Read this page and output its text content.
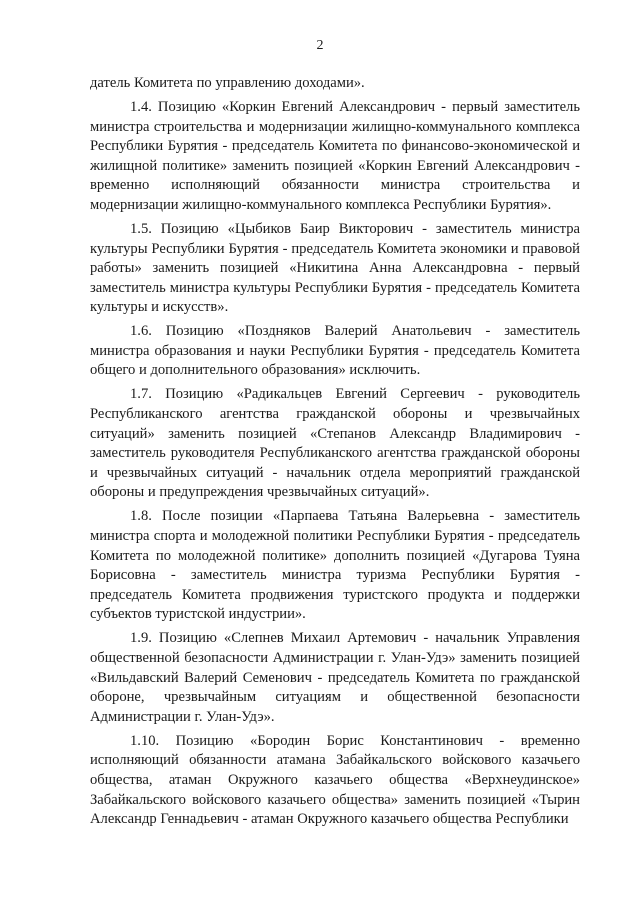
2

датель Комитета по управлению доходами».

1.4. Позицию «Коркин Евгений Александрович - первый заместитель министра строительства и модернизации жилищно-коммунального комплекса Республики Бурятия - председатель Комитета по финансово-экономической и жилищной политике» заменить позицией «Коркин Евгений Александрович - временно исполняющий обязанности министра строительства и модернизации жилищно-коммунального комплекса Республики Бурятия».

1.5. Позицию «Цыбиков Баир Викторович - заместитель министра культуры Республики Бурятия - председатель Комитета экономики и правовой работы» заменить позицией «Никитина Анна Александровна - первый заместитель министра культуры Республики Бурятия - председатель Комитета культуры и искусств».

1.6. Позицию «Поздняков Валерий Анатольевич - заместитель министра образования и науки Республики Бурятия - председатель Комитета общего и дополнительного образования» исключить.

1.7. Позицию «Радикальцев Евгений Сергеевич - руководитель Республиканского агентства гражданской обороны и чрезвычайных ситуаций» заменить позицией «Степанов Александр Владимирович - заместитель руководителя Республиканского агентства гражданской обороны и чрезвычайных ситуаций - начальник отдела мероприятий гражданской обороны и предупреждения чрезвычайных ситуаций».

1.8. После позиции «Парпаева Татьяна Валерьевна - заместитель министра спорта и молодежной политики Республики Бурятия - председатель Комитета по молодежной политике» дополнить позицией «Дугарова Туяна Борисовна - заместитель министра туризма Республики Бурятия - председатель Комитета продвижения туристского продукта и поддержки субъектов туристской индустрии».

1.9. Позицию «Слепнев Михаил Артемович - начальник Управления общественной безопасности Администрации г. Улан-Удэ» заменить позицией «Вильдавский Валерий Семенович - председатель Комитета по гражданской обороне, чрезвычайным ситуациям и общественной безопасности Администрации г. Улан-Удэ».

1.10. Позицию «Бородин Борис Константинович - временно исполняющий обязанности атамана Забайкальского войскового казачьего общества, атаман Окружного казачьего общества «Верхнеудинское» Забайкальского войскового казачьего общества» заменить позицией «Тырин Александр Геннадьевич - атаман Окружного казачьего общества Республики
